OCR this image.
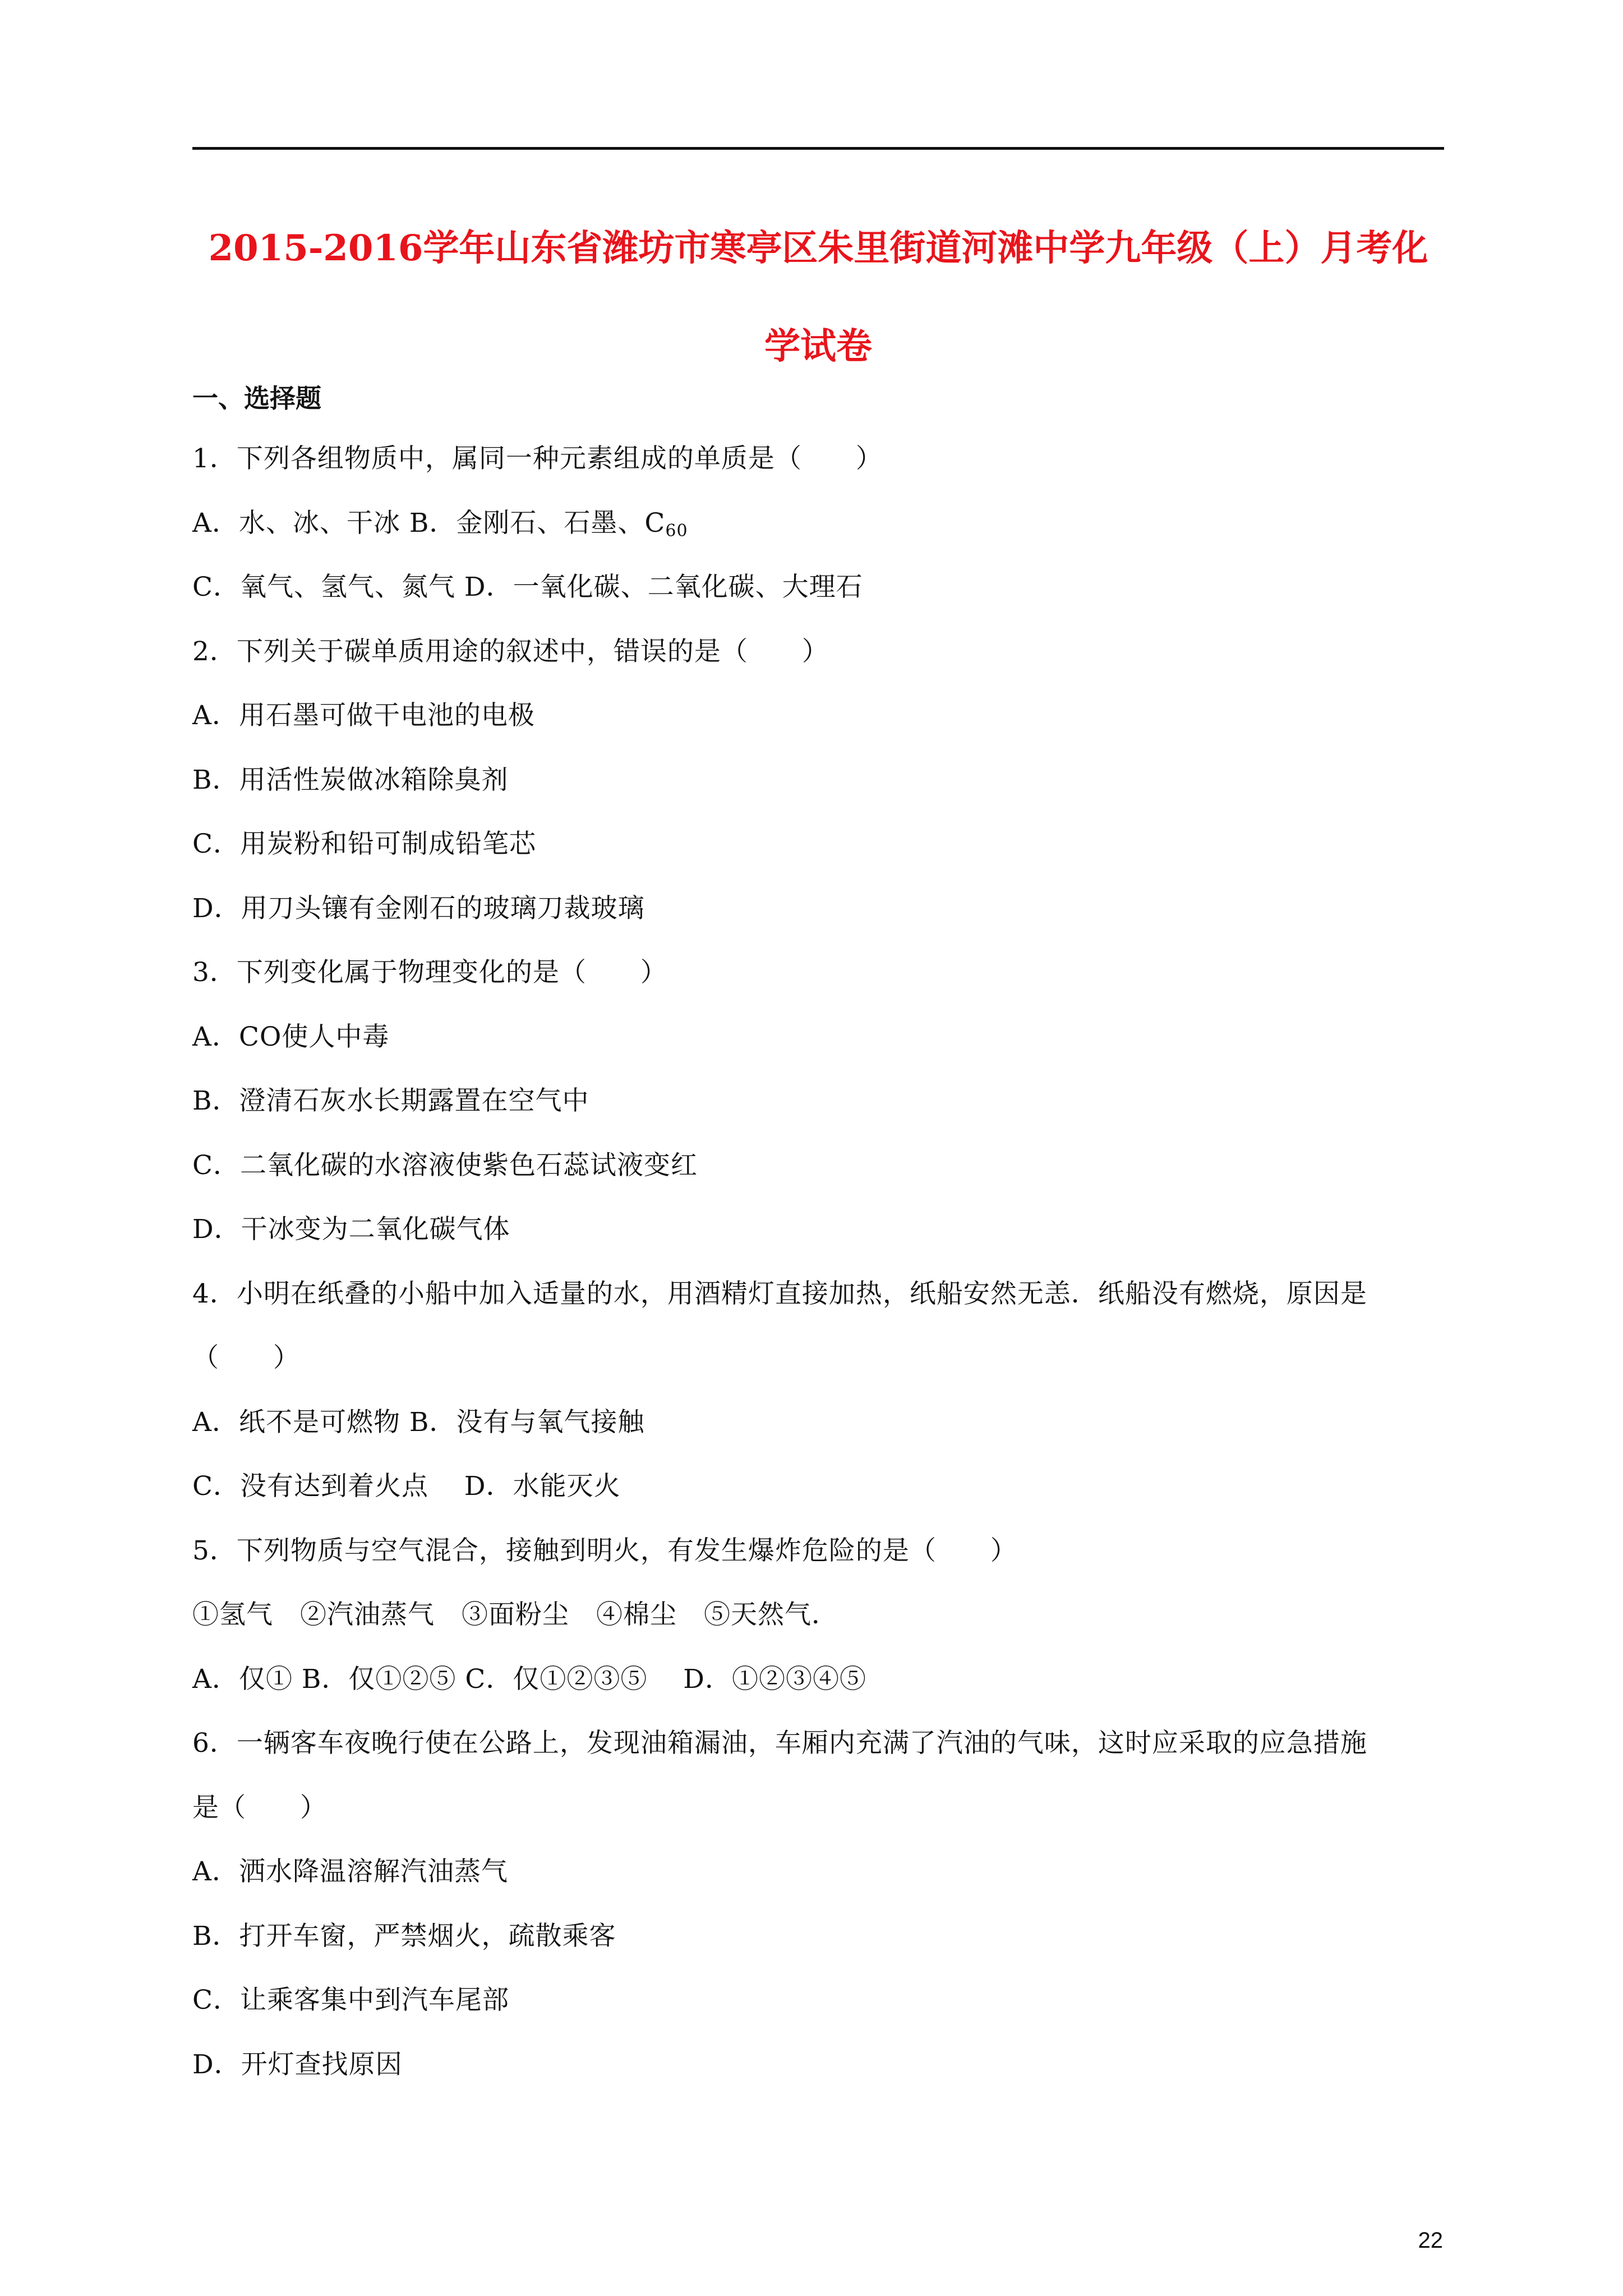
2015-2016学年山东省潍坊市寒亭区朱里街道河滩中学九年级（上）月考化
学试卷
一、选择题
1．下列各组物质中，属同一种元素组成的单质是（　　）
A．水、冰、干冰 B．金刚石、石墨、$C_{60}$
C．氧气、氢气、氮气 D．一氧化碳、二氧化碳、大理石
2．下列关于碳单质用途的叙述中，错误的是（　　）
A．用石墨可做干电池的电极
B．用活性炭做冰箱除臭剂
C．用炭粉和铅可制成铅笔芯
D．用刀头镶有金刚石的玻璃刀裁玻璃
3．下列变化属于物理变化的是（　　）
A．CO使人中毒
B．澄清石灰水长期露置在空气中
C．二氧化碳的水溶液使紫色石蕊试液变红
D．干冰变为二氧化碳气体
4．小明在纸叠的小船中加入适量的水，用酒精灯直接加热，纸船安然无恙．纸船没有燃烧，原因是
（　　）
A．纸不是可燃物 B．没有与氧气接触
C．没有达到着火点　 D．水能灭火
5．下列物质与空气混合，接触到明火，有发生爆炸危险的是（　　）
①氢气　②汽油蒸气　③面粉尘　④棉尘　⑤天然气．
A．仅① B．仅①②⑤ C．仅①②③⑤　 D．①②③④⑤
6．一辆客车夜晚行使在公路上，发现油箱漏油，车厢内充满了汽油的气味，这时应采取的应急措施
是（　　）
A．洒水降温溶解汽油蒸气
B．打开车窗，严禁烟火，疏散乘客
C．让乘客集中到汽车尾部
D．开灯查找原因
22
